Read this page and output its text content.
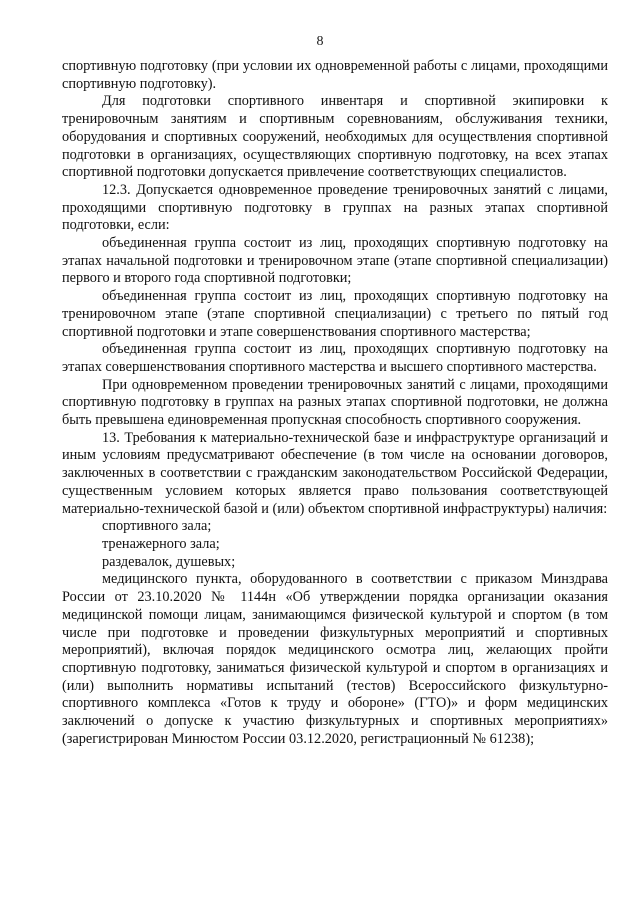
8

спортивную подготовку (при условии их одновременной работы с лицами, проходящими спортивную подготовку).

Для подготовки спортивного инвентаря и спортивной экипировки к тренировочным занятиям и спортивным соревнованиям, обслуживания техники, оборудования и спортивных сооружений, необходимых для осуществления спортивной подготовки в организациях, осуществляющих спортивную подготовку, на всех этапах спортивной подготовки допускается привлечение соответствующих специалистов.

12.3. Допускается одновременное проведение тренировочных занятий с лицами, проходящими спортивную подготовку в группах на разных этапах спортивной подготовки, если:

объединенная группа состоит из лиц, проходящих спортивную подготовку на этапах начальной подготовки и тренировочном этапе (этапе спортивной специализации) первого и второго года спортивной подготовки;

объединенная группа состоит из лиц, проходящих спортивную подготовку на тренировочном этапе (этапе спортивной специализации) с третьего по пятый год спортивной подготовки и этапе совершенствования спортивного мастерства;

объединенная группа состоит из лиц, проходящих спортивную подготовку на этапах совершенствования спортивного мастерства и высшего спортивного мастерства.

При одновременном проведении тренировочных занятий с лицами, проходящими спортивную подготовку в группах на разных этапах спортивной подготовки, не должна быть превышена единовременная пропускная способность спортивного сооружения.

13. Требования к материально-технической базе и инфраструктуре организаций и иным условиям предусматривают обеспечение (в том числе на основании договоров, заключенных в соответствии с гражданским законодательством Российской Федерации, существенным условием которых является право пользования соответствующей материально-технической базой и (или) объектом спортивной инфраструктуры) наличия:

спортивного зала;

тренажерного зала;

раздевалок, душевых;

медицинского пункта, оборудованного в соответствии с приказом Минздрава России от 23.10.2020 № 1144н «Об утверждении порядка организации оказания медицинской помощи лицам, занимающимся физической культурой и спортом (в том числе при подготовке и проведении физкультурных мероприятий и спортивных мероприятий), включая порядок медицинского осмотра лиц, желающих пройти спортивную подготовку, заниматься физической культурой и спортом в организациях и (или) выполнить нормативы испытаний (тестов) Всероссийского физкультурно-спортивного комплекса «Готов к труду и обороне» (ГТО)» и форм медицинских заключений о допуске к участию физкультурных и спортивных мероприятиях» (зарегистрирован Минюстом России 03.12.2020, регистрационный № 61238);
